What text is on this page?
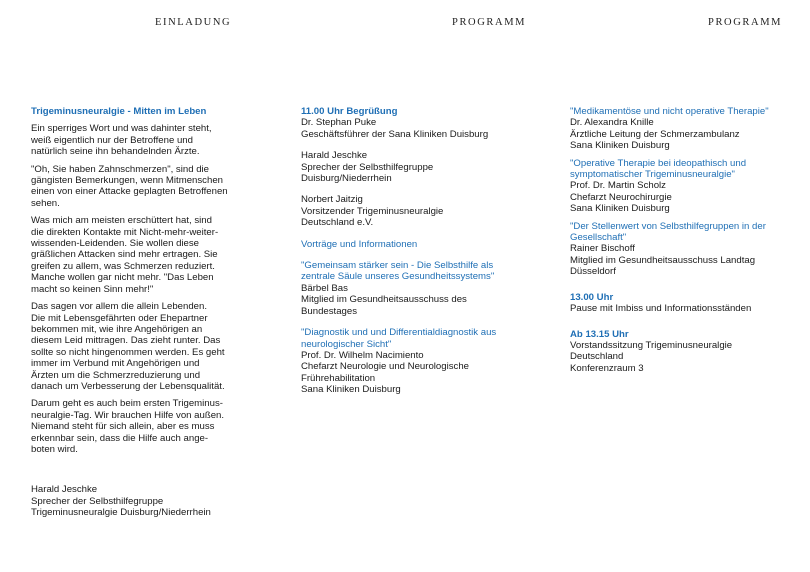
EINLADUNG

Trigeminusneuralgie - Mitten im Leben

Ein sperriges Wort und was dahinter steht,
weiß eigentlich nur der Betroffene und
natürlich seine ihn behandelnden Ärzte.
"Oh, Sie haben Zahnschmerzen", sind die
gängisten Bemerkungen, wenn Mitmenschen
einen von einer Attacke geplagten Betroffenen
sehen.
Was mich am meisten erschüttert hat, sind
die direkten Kontakte mit Nicht-mehr-weiter-
wissenden-Leidenden. Sie wollen diese
gräßlichen Attacken sind mehr ertragen. Sie
greifen zu allem, was Schmerzen reduziert.
Manche wollen gar nicht mehr. "Das Leben
macht so keinen Sinn mehr!"
Das sagen vor allem die allein Lebenden.
Die mit Lebensgefährten oder Ehepartner
bekommen mit, wie ihre Angehörigen an
diesem Leid mittragen. Das zieht runter. Das
sollte so nicht hingenommen werden. Es geht
immer im Verbund mit Angehörigen und
Ärzten um die Schmerzreduzierung und
danach um Verbesserung der Lebensqualität.
Darum geht es auch beim ersten Trigeminus-
neuralgie-Tag. Wir brauchen Hilfe von außen.
Niemand steht für sich allein, aber es muss
erkennbar sein, dass die Hilfe auch ange-
boten wird.
Harald Jeschke
Sprecher der Selbsthilfegruppe
Trigeminusneuralgie Duisburg/Niederrhein
PROGRAMM

11.00 Uhr Begrüßung

Dr. Stephan Puke
Geschäftsführer der Sana Kliniken Duisburg
Harald Jeschke
Sprecher der Selbsthilfegruppe
Duisburg/Niederrhein
Norbert Jaitzig
Vorsitzender Trigeminusneuralgie
Deutschland e.V.

Vorträge und Informationen

"Gemeinsam stärker sein - Die Selbsthilfe als
zentrale Säule unseres Gesundheitssystems"
Bärbel Bas
Mitglied im Gesundheitsausschuss des
Bundestages
"Diagnostik und und Differentialdiagnostik aus
neurologischer Sicht"
Prof. Dr. Wilhelm Nacimiento
Chefarzt Neurologie und Neurologische
Frührehabilitation
Sana Kliniken Duisburg
PROGRAMM
"Medikamentöse und nicht operative Therapie"
Dr. Alexandra Knille
Ärztliche Leitung der Schmerzambulanz
Sana Kliniken Duisburg
"Operative Therapie bei ideopathisch und
symptomatischer Trigeminusneuralgie"
Prof. Dr. Martin Scholz
Chefarzt Neurochirurgie
Sana Kliniken Duisburg
"Der Stellenwert von Selbsthilfegruppen in der
Gesellschaft"
Rainer Bischoff
Mitglied im Gesundheitsausschuss Landtag
Düsseldorf

13.00 Uhr

Pause mit Imbiss und Informationsständen

Ab 13.15 Uhr

Vorstandssitzung Trigeminusneuralgie
Deutschland
Konferenzraum 3
